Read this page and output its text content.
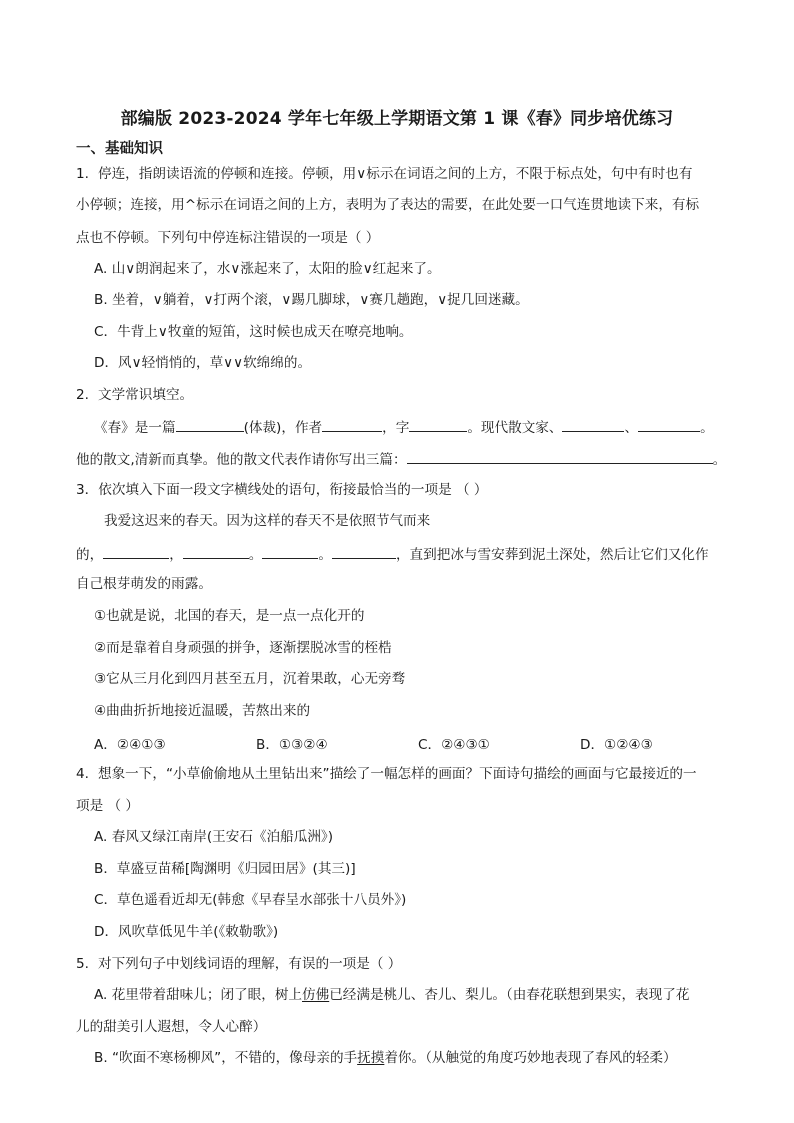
部编版 2023-2024 学年七年级上学期语文第 1 课《春》同步培优练习
一、基础知识
1. 停连，指朗读语流的停顿和连接。停顿，用∨标示在词语之间的上方，不限于标点处，句中有时也有
小停顿；连接，用^标示在词语之间的上方，表明为了表达的需要，在此处要一口气连贯地读下来，有标
点也不停顿。下列句中停连标注错误的一项是（ ）
A. 山∨朗润起来了，水∨涨起来了，太阳的脸∨红起来了。
B. 坐着，∨躺着，∨打两个滚，∨踢几脚球，∨赛几趟跑，∨捉几回迷藏。
C．牛背上∨牧童的短笛，这时候也成天在嘹亮地响。
D．风∨轻悄悄的，草∨∨软绵绵的。
2. 文学常识填空。
《春》是一篇	(体裁)，作者	，字	。现代散文家、	、	。
他的散文,清新而真挚。他的散文代表作请你写出三篇：	。
3．依次填入下面一段文字横线处的语句，衔接最恰当的一项是 （ ）
我爱这迟来的春天。因为这样的春天不是依照节气而来
的，	，	。	。	，直到把冰与雪安葬到泥土深处，然后让它们又化作
自己根芽萌发的雨露。
①也就是说，北国的春天，是一点一点化开的
②而是靠着自身顽强的拼争，逐渐摆脱冰雪的桎梏
③它从三月化到四月甚至五月，沉着果敢，心无旁骛
④曲曲折折地接近温暖，苦熬出来的
A．②④①③	B．①③②④	C．②④③①	D．①②④③
4. 想象一下，“小草偷偷地从土里钻出来”描绘了一幅怎样的画面？下面诗句描绘的画面与它最接近的一
项是 （ ）
A. 春风又绿江南岸(王安石《泊船瓜洲》)
B．草盛豆苗稀[陶渊明《归园田居》(其三)]
C．草色遥看近却无(韩愈《早春呈水部张十八员外》)
D．风吹草低见牛羊(《敕勒歌》)
5. 对下列句子中划线词语的理解，有误的一项是（ ）
A. 花里带着甜味儿；闭了眼，树上仿佛已经满是桃儿、杏儿、梨儿。（由春花联想到果实，表现了花
儿的甜美引人遐想，令人心醉）
B. “吹面不寒杨柳风”，不错的，像母亲的手抚摸着你。（从触觉的角度巧妙地表现了春风的轻柔）
